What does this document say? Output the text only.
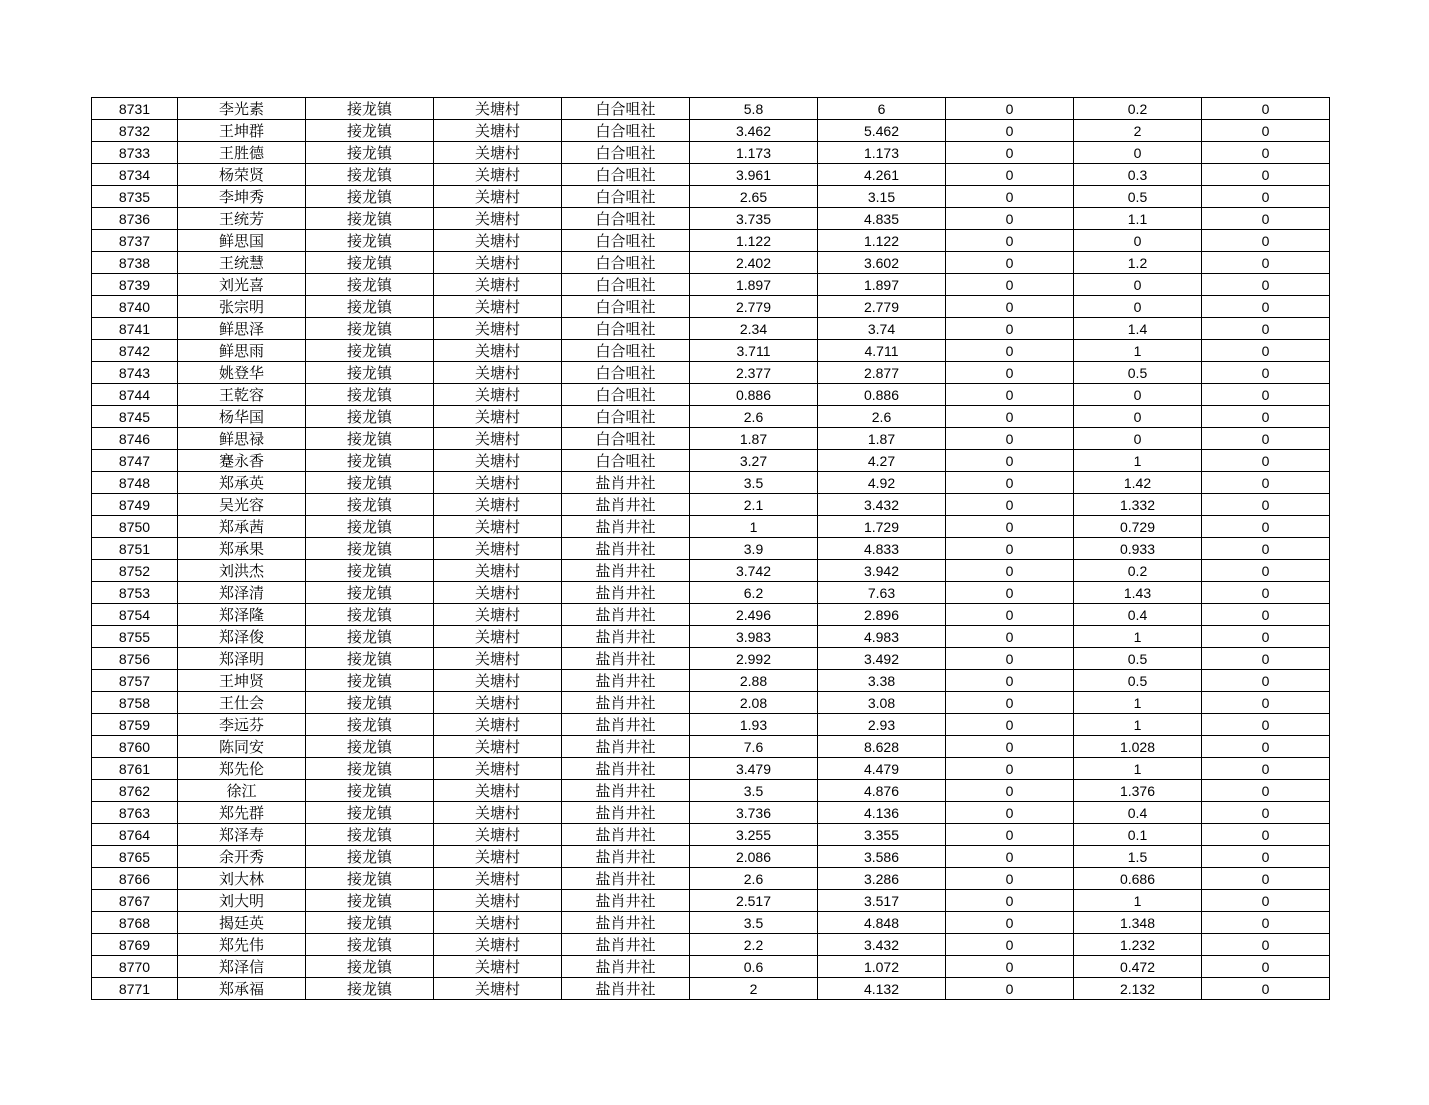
8731	李光素	接龙镇	关塘村	白合咀社	5.8	6	0	0.2	0
8732	王坤群	接龙镇	关塘村	白合咀社	3.462	5.462	0	2	0
8733	王胜德	接龙镇	关塘村	白合咀社	1.173	1.173	0	0	0
8734	杨荣贤	接龙镇	关塘村	白合咀社	3.961	4.261	0	0.3	0
8735	李坤秀	接龙镇	关塘村	白合咀社	2.65	3.15	0	0.5	0
8736	王统芳	接龙镇	关塘村	白合咀社	3.735	4.835	0	1.1	0
8737	鲜思国	接龙镇	关塘村	白合咀社	1.122	1.122	0	0	0
8738	王统慧	接龙镇	关塘村	白合咀社	2.402	3.602	0	1.2	0
8739	刘光喜	接龙镇	关塘村	白合咀社	1.897	1.897	0	0	0
8740	张宗明	接龙镇	关塘村	白合咀社	2.779	2.779	0	0	0
8741	鲜思泽	接龙镇	关塘村	白合咀社	2.34	3.74	0	1.4	0
8742	鲜思雨	接龙镇	关塘村	白合咀社	3.711	4.711	0	1	0
8743	姚登华	接龙镇	关塘村	白合咀社	2.377	2.877	0	0.5	0
8744	王乾容	接龙镇	关塘村	白合咀社	0.886	0.886	0	0	0
8745	杨华国	接龙镇	关塘村	白合咀社	2.6	2.6	0	0	0
8746	鲜思禄	接龙镇	关塘村	白合咀社	1.87	1.87	0	0	0
8747	蹇永香	接龙镇	关塘村	白合咀社	3.27	4.27	0	1	0
8748	郑承英	接龙镇	关塘村	盐肖井社	3.5	4.92	0	1.42	0
8749	吴光容	接龙镇	关塘村	盐肖井社	2.1	3.432	0	1.332	0
8750	郑承茜	接龙镇	关塘村	盐肖井社	1	1.729	0	0.729	0
8751	郑承果	接龙镇	关塘村	盐肖井社	3.9	4.833	0	0.933	0
8752	刘洪杰	接龙镇	关塘村	盐肖井社	3.742	3.942	0	0.2	0
8753	郑泽清	接龙镇	关塘村	盐肖井社	6.2	7.63	0	1.43	0
8754	郑泽隆	接龙镇	关塘村	盐肖井社	2.496	2.896	0	0.4	0
8755	郑泽俊	接龙镇	关塘村	盐肖井社	3.983	4.983	0	1	0
8756	郑泽明	接龙镇	关塘村	盐肖井社	2.992	3.492	0	0.5	0
8757	王坤贤	接龙镇	关塘村	盐肖井社	2.88	3.38	0	0.5	0
8758	王仕会	接龙镇	关塘村	盐肖井社	2.08	3.08	0	1	0
8759	李远芬	接龙镇	关塘村	盐肖井社	1.93	2.93	0	1	0
8760	陈同安	接龙镇	关塘村	盐肖井社	7.6	8.628	0	1.028	0
8761	郑先伦	接龙镇	关塘村	盐肖井社	3.479	4.479	0	1	0
8762	徐江	接龙镇	关塘村	盐肖井社	3.5	4.876	0	1.376	0
8763	郑先群	接龙镇	关塘村	盐肖井社	3.736	4.136	0	0.4	0
8764	郑泽寿	接龙镇	关塘村	盐肖井社	3.255	3.355	0	0.1	0
8765	余开秀	接龙镇	关塘村	盐肖井社	2.086	3.586	0	1.5	0
8766	刘大林	接龙镇	关塘村	盐肖井社	2.6	3.286	0	0.686	0
8767	刘大明	接龙镇	关塘村	盐肖井社	2.517	3.517	0	1	0
8768	揭廷英	接龙镇	关塘村	盐肖井社	3.5	4.848	0	1.348	0
8769	郑先伟	接龙镇	关塘村	盐肖井社	2.2	3.432	0	1.232	0
8770	郑泽信	接龙镇	关塘村	盐肖井社	0.6	1.072	0	0.472	0
8771	郑承福	接龙镇	关塘村	盐肖井社	2	4.132	0	2.132	0
